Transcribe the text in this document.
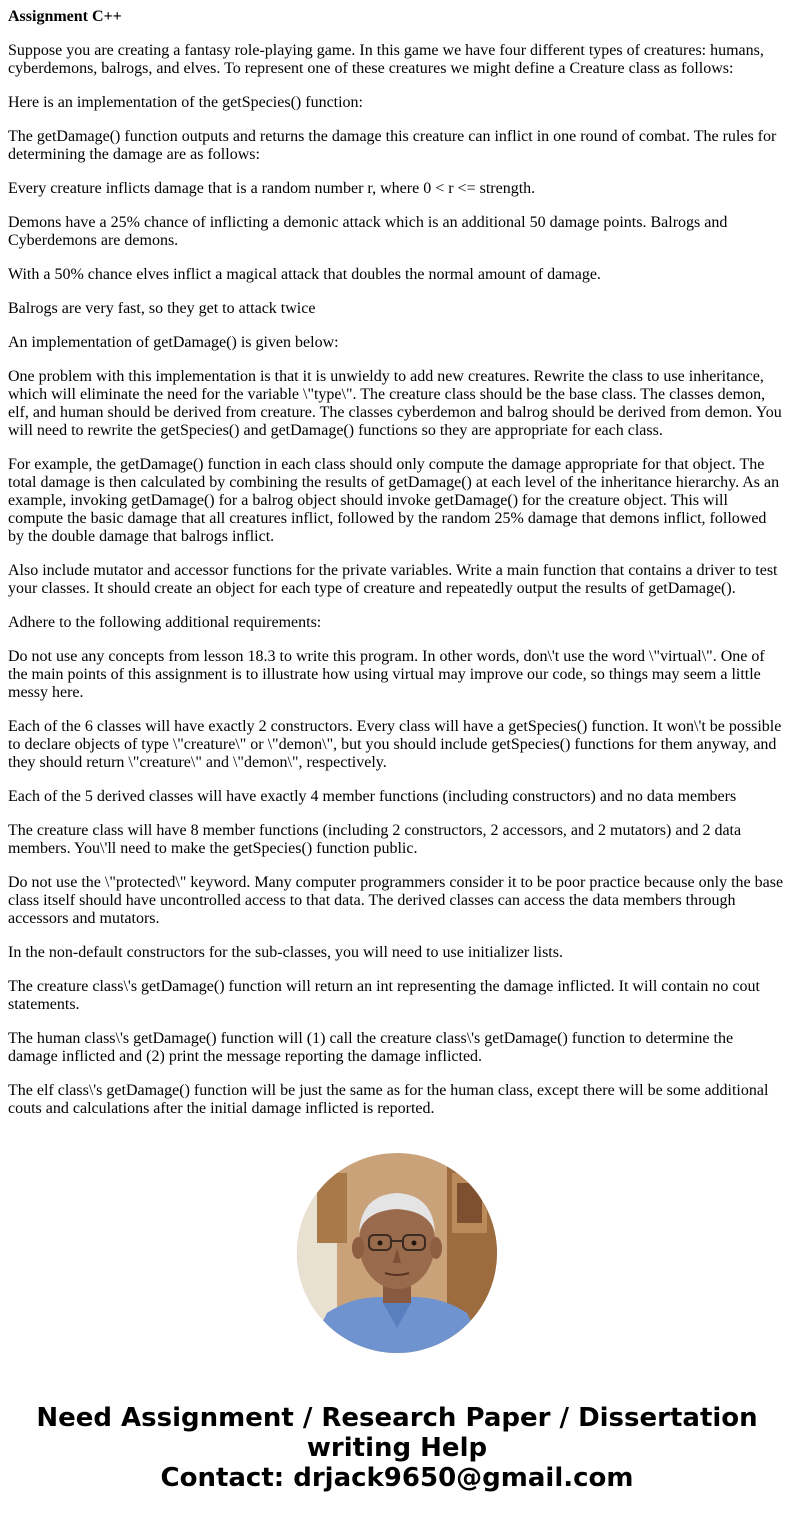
Assignment C++

Suppose you are creating a fantasy role-playing game. In this game we have four different types of creatures: humans, cyberdemons, balrogs, and elves. To represent one of these creatures we might define a Creature class as follows:

Here is an implementation of the getSpecies() function:

The getDamage() function outputs and returns the damage this creature can inflict in one round of combat. The rules for determining the damage are as follows:

Every creature inflicts damage that is a random number r, where 0 < r <= strength.

Demons have a 25% chance of inflicting a demonic attack which is an additional 50 damage points. Balrogs and Cyberdemons are demons.

With a 50% chance elves inflict a magical attack that doubles the normal amount of damage.

Balrogs are very fast, so they get to attack twice

An implementation of getDamage() is given below:

One problem with this implementation is that it is unwieldy to add new creatures. Rewrite the class to use inheritance, which will eliminate the need for the variable \"type\". The creature class should be the base class. The classes demon, elf, and human should be derived from creature. The classes cyberdemon and balrog should be derived from demon. You will need to rewrite the getSpecies() and getDamage() functions so they are appropriate for each class.

For example, the getDamage() function in each class should only compute the damage appropriate for that object. The total damage is then calculated by combining the results of getDamage() at each level of the inheritance hierarchy. As an example, invoking getDamage() for a balrog object should invoke getDamage() for the creature object. This will compute the basic damage that all creatures inflict, followed by the random 25% damage that demons inflict, followed by the double damage that balrogs inflict.

Also include mutator and accessor functions for the private variables. Write a main function that contains a driver to test your classes. It should create an object for each type of creature and repeatedly output the results of getDamage().

Adhere to the following additional requirements:

Do not use any concepts from lesson 18.3 to write this program. In other words, don\'t use the word \"virtual\". One of the main points of this assignment is to illustrate how using virtual may improve our code, so things may seem a little messy here.

Each of the 6 classes will have exactly 2 constructors. Every class will have a getSpecies() function. It won\'t be possible to declare objects of type \"creature\" or \"demon\", but you should include getSpecies() functions for them anyway, and they should return \"creature\" and \"demon\", respectively.

Each of the 5 derived classes will have exactly 4 member functions (including constructors) and no data members

The creature class will have 8 member functions (including 2 constructors, 2 accessors, and 2 mutators) and 2 data members. You\'ll need to make the getSpecies() function public.

Do not use the \"protected\" keyword. Many computer programmers consider it to be poor practice because only the base class itself should have uncontrolled access to that data. The derived classes can access the data members through accessors and mutators.

In the non-default constructors for the sub-classes, you will need to use initializer lists.

The creature class\'s getDamage() function will return an int representing the damage inflicted. It will contain no cout statements.

The human class\'s getDamage() function will (1) call the creature class\'s getDamage() function to determine the damage inflicted and (2) print the message reporting the damage inflicted.

The elf class\'s getDamage() function will be just the same as for the human class, except there will be some additional couts and calculations after the initial damage inflicted is reported.

Need Assignment / Research Paper / Dissertation
writing Help
Contact: drjack9650@gmail.com
